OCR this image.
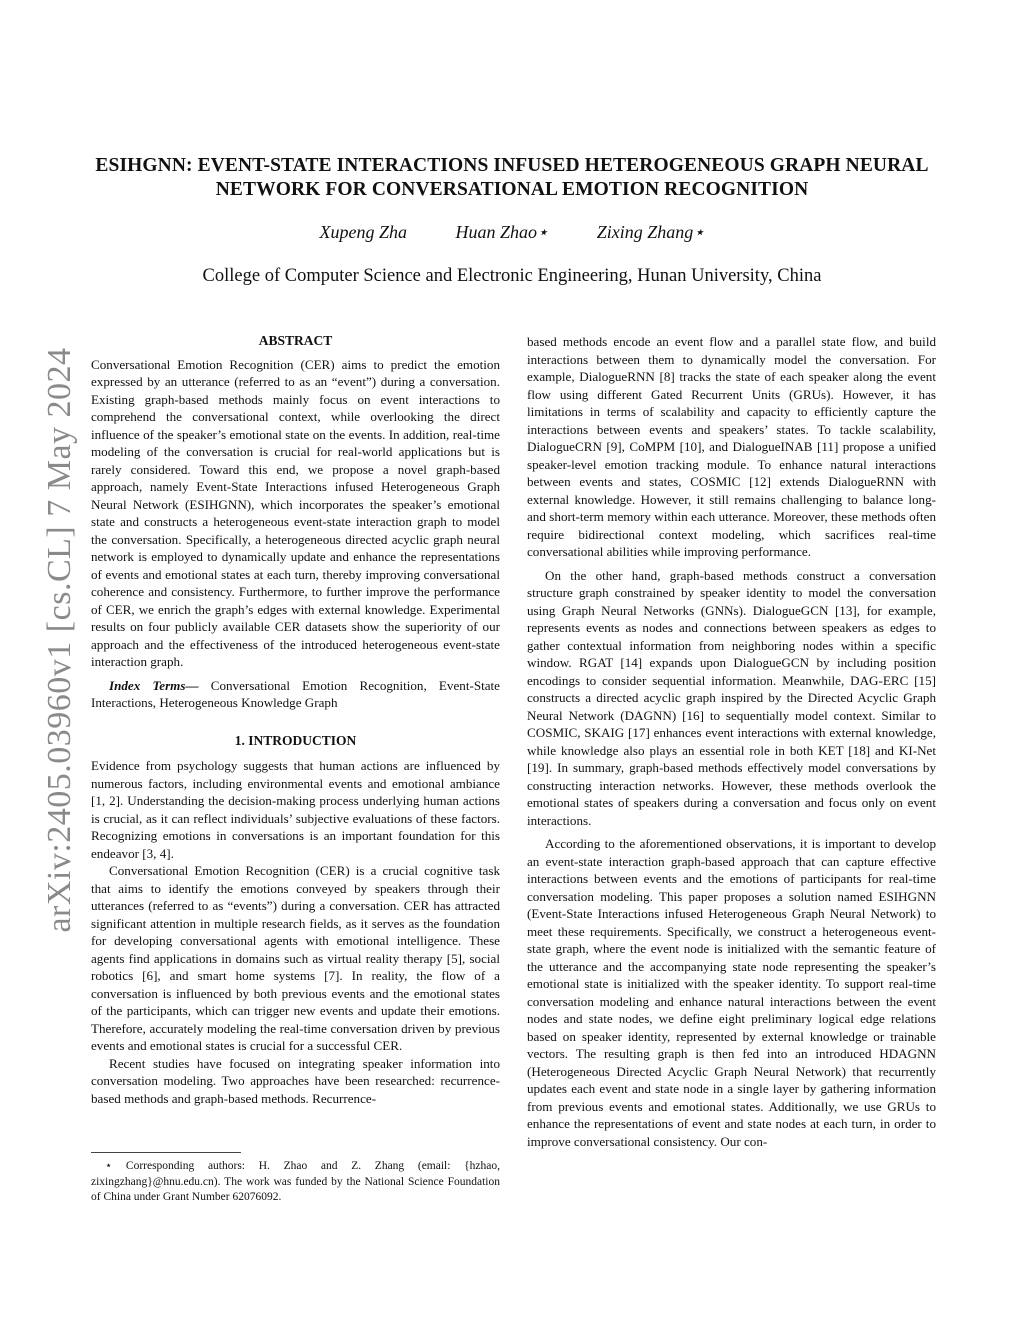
arXiv:2405.03960v1 [cs.CL] 7 May 2024
ESIHGNN: EVENT-STATE INTERACTIONS INFUSED HETEROGENEOUS GRAPH NEURAL NETWORK FOR CONVERSATIONAL EMOTION RECOGNITION
Xupeng Zha	Huan Zhao⋆	Zixing Zhang⋆
College of Computer Science and Electronic Engineering, Hunan University, China
ABSTRACT

Conversational Emotion Recognition (CER) aims to predict the emotion expressed by an utterance (referred to as an “event”) during a conversation. Existing graph-based methods mainly focus on event interactions to comprehend the conversational context, while overlooking the direct influence of the speaker’s emotional state on the events. In addition, real-time modeling of the conversation is crucial for real-world applications but is rarely considered. Toward this end, we propose a novel graph-based approach, namely Event-State Interactions infused Heterogeneous Graph Neural Network (ESIHGNN), which incorporates the speaker’s emotional state and constructs a heterogeneous event-state interaction graph to model the conversation. Specifically, a heterogeneous directed acyclic graph neural network is employed to dynamically update and enhance the representations of events and emotional states at each turn, thereby improving conversational coherence and consistency. Furthermore, to further improve the performance of CER, we enrich the graph’s edges with external knowledge. Experimental results on four publicly available CER datasets show the superiority of our approach and the effectiveness of the introduced heterogeneous event-state interaction graph.

Index Terms— Conversational Emotion Recognition, Event-State Interactions, Heterogeneous Knowledge Graph

1. INTRODUCTION

Evidence from psychology suggests that human actions are influenced by numerous factors, including environmental events and emotional ambiance [1, 2]. Understanding the decision-making process underlying human actions is crucial, as it can reflect individuals’ subjective evaluations of these factors. Recognizing emotions in conversations is an important foundation for this endeavor [3, 4].

Conversational Emotion Recognition (CER) is a crucial cognitive task that aims to identify the emotions conveyed by speakers through their utterances (referred to as “events”) during a conversation. CER has attracted significant attention in multiple research fields, as it serves as the foundation for developing conversational agents with emotional intelligence. These agents find applications in domains such as virtual reality therapy [5], social robotics [6], and smart home systems [7]. In reality, the flow of a conversation is influenced by both previous events and the emotional states of the participants, which can trigger new events and update their emotions. Therefore, accurately modeling the real-time conversation driven by previous events and emotional states is crucial for a successful CER.

Recent studies have focused on integrating speaker information into conversation modeling. Two approaches have been researched: recurrence-based methods and graph-based methods. Recurrence-

⋆ Corresponding authors: H. Zhao and Z. Zhang (email: {hzhao, zixingzhang}@hnu.edu.cn). The work was funded by the National Science Foundation of China under Grant Number 62076092.

based methods encode an event flow and a parallel state flow, and build interactions between them to dynamically model the conversation. For example, DialogueRNN [8] tracks the state of each speaker along the event flow using different Gated Recurrent Units (GRUs). However, it has limitations in terms of scalability and capacity to efficiently capture the interactions between events and speakers’ states. To tackle scalability, DialogueCRN [9], CoMPM [10], and DialogueINAB [11] propose a unified speaker-level emotion tracking module. To enhance natural interactions between events and states, COSMIC [12] extends DialogueRNN with external knowledge. However, it still remains challenging to balance long- and short-term memory within each utterance. Moreover, these methods often require bidirectional context modeling, which sacrifices real-time conversational abilities while improving performance.

On the other hand, graph-based methods construct a conversation structure graph constrained by speaker identity to model the conversation using Graph Neural Networks (GNNs). DialogueGCN [13], for example, represents events as nodes and connections between speakers as edges to gather contextual information from neighboring nodes within a specific window. RGAT [14] expands upon DialogueGCN by including position encodings to consider sequential information. Meanwhile, DAG-ERC [15] constructs a directed acyclic graph inspired by the Directed Acyclic Graph Neural Network (DAGNN) [16] to sequentially model context. Similar to COSMIC, SKAIG [17] enhances event interactions with external knowledge, while knowledge also plays an essential role in both KET [18] and KI-Net [19]. In summary, graph-based methods effectively model conversations by constructing interaction networks. However, these methods overlook the emotional states of speakers during a conversation and focus only on event interactions.

According to the aforementioned observations, it is important to develop an event-state interaction graph-based approach that can capture effective interactions between events and the emotions of participants for real-time conversation modeling. This paper proposes a solution named ESIHGNN (Event-State Interactions infused Heterogeneous Graph Neural Network) to meet these requirements. Specifically, we construct a heterogeneous event-state graph, where the event node is initialized with the semantic feature of the utterance and the accompanying state node representing the speaker’s emotional state is initialized with the speaker identity. To support real-time conversation modeling and enhance natural interactions between the event nodes and state nodes, we define eight preliminary logical edge relations based on speaker identity, represented by external knowledge or trainable vectors. The resulting graph is then fed into an introduced HDAGNN (Heterogeneous Directed Acyclic Graph Neural Network) that recurrently updates each event and state node in a single layer by gathering information from previous events and emotional states. Additionally, we use GRUs to enhance the representations of event and state nodes at each turn, in order to improve conversational consistency. Our con-
